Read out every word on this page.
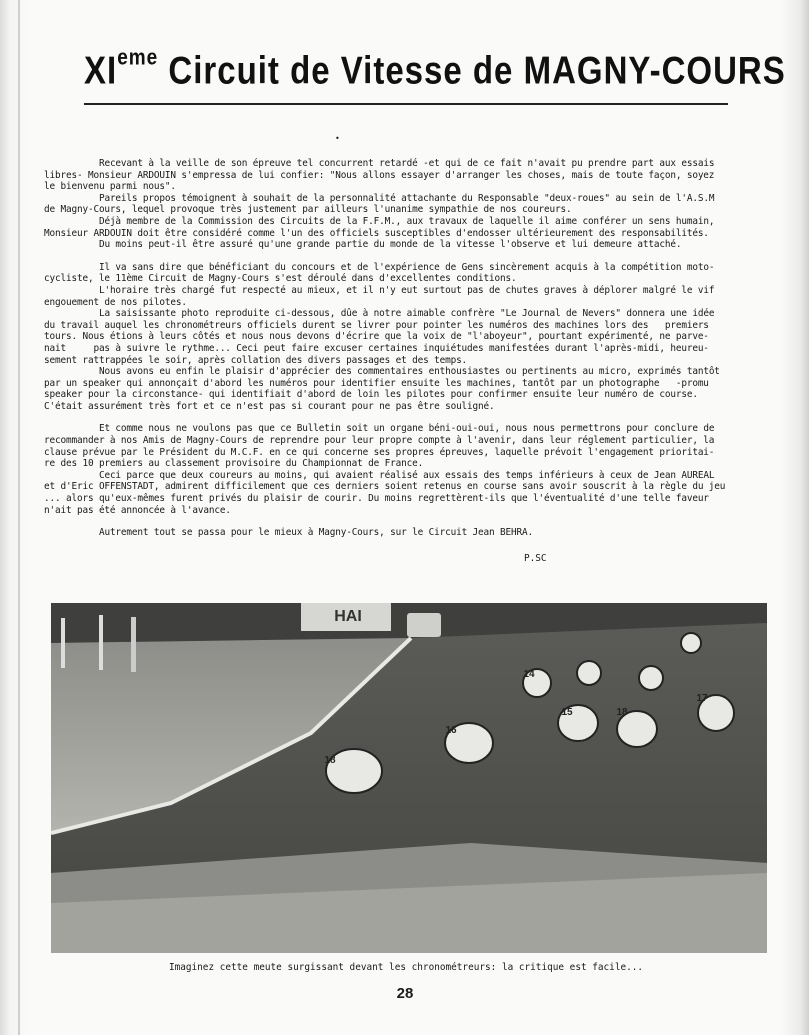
XIeme Circuit de Vitesse de MAGNY-COURS
•

Recevant à la veille de son épreuve tel concurrent retardé -et qui de ce fait n'avait pu prendre part aux essais
libres- Monsieur ARDOUIN s'empressa de lui confier: "Nous allons essayer d'arranger les choses, mais de toute façon, soyez
le bienvenu parmi nous".

Pareils propos témoignent à souhait de la personnalité attachante du Responsable "deux-roues" au sein de l'A.S.M
de Magny-Cours, lequel provoque très justement par ailleurs l'unanime sympathie de nos coureurs.

Déjà membre de la Commission des Circuits de la F.F.M., aux travaux de laquelle il aime conférer un sens humain,
Monsieur ARDOUIN doit être considéré comme l'un des officiels susceptibles d'endosser ultérieurement des responsabilités.

Du moins peut-il être assuré qu'une grande partie du monde de la vitesse l'observe et lui demeure attaché.

Il va sans dire que bénéficiant du concours et de l'expérience de Gens sincèrement acquis à la compétition moto-
cycliste, le 11ème Circuit de Magny-Cours s'est déroulé dans d'excellentes conditions.

L'horaire très chargé fut respecté au mieux, et il n'y eut surtout pas de chutes graves à déplorer malgré le vif
engouement de nos pilotes.

La saisissante photo reproduite ci-dessous, dûe à notre aimable confrère "Le Journal de Nevers" donnera une idée
du travail auquel les chronométreurs officiels durent se livrer pour pointer les numéros des machines lors des   premiers
tours. Nous étions à leurs côtés et nous nous devons d'écrire que la voix de "l'aboyeur", pourtant expérimenté, ne parve-
nait     pas à suivre le rythme... Ceci peut faire excuser certaines inquiétudes manifestées durant l'après-midi, heureu-
sement rattrappées le soir, après collation des divers passages et des temps.

Nous avons eu enfin le plaisir d'apprécier des commentaires enthousiastes ou pertinents au micro, exprimés tantôt
par un speaker qui annonçait d'abord les numéros pour identifier ensuite les machines, tantôt par un photographe   -promu
speaker pour la circonstance- qui identifiait d'abord de loin les pilotes pour confirmer ensuite leur numéro de course.
C'était assurément très fort et ce n'est pas si courant pour ne pas être souligné.

Et comme nous ne voulons pas que ce Bulletin soit un organe béni-oui-oui, nous nous permettrons pour conclure de
recommander à nos Amis de Magny-Cours de reprendre pour leur propre compte à l'avenir, dans leur réglement particulier, la
clause prévue par le Président du M.C.F. en ce qui concerne ses propres épreuves, laquelle prévoit l'engagement prioritai-
re des 10 premiers au classement provisoire du Championnat de France.

Ceci parce que deux coureurs au moins, qui avaient réalisé aux essais des temps inférieurs à ceux de Jean AUREAL
et d'Eric OFFENSTADT, admirent difficilement que ces derniers soient retenus en course sans avoir souscrit à la règle du jeu
... alors qu'eux-mêmes furent privés du plaisir de courir. Du moins regrettèrent-ils que l'éventualité d'une telle faveur
n'ait pas été annoncée à l'avance.

Autrement tout se passa pour le mieux à Magny-Cours, sur le Circuit Jean BEHRA.

P.SC
HAI
18
16
15	18
17
14
Imaginez cette meute surgissant devant les chronométreurs: la critique est facile...
28
